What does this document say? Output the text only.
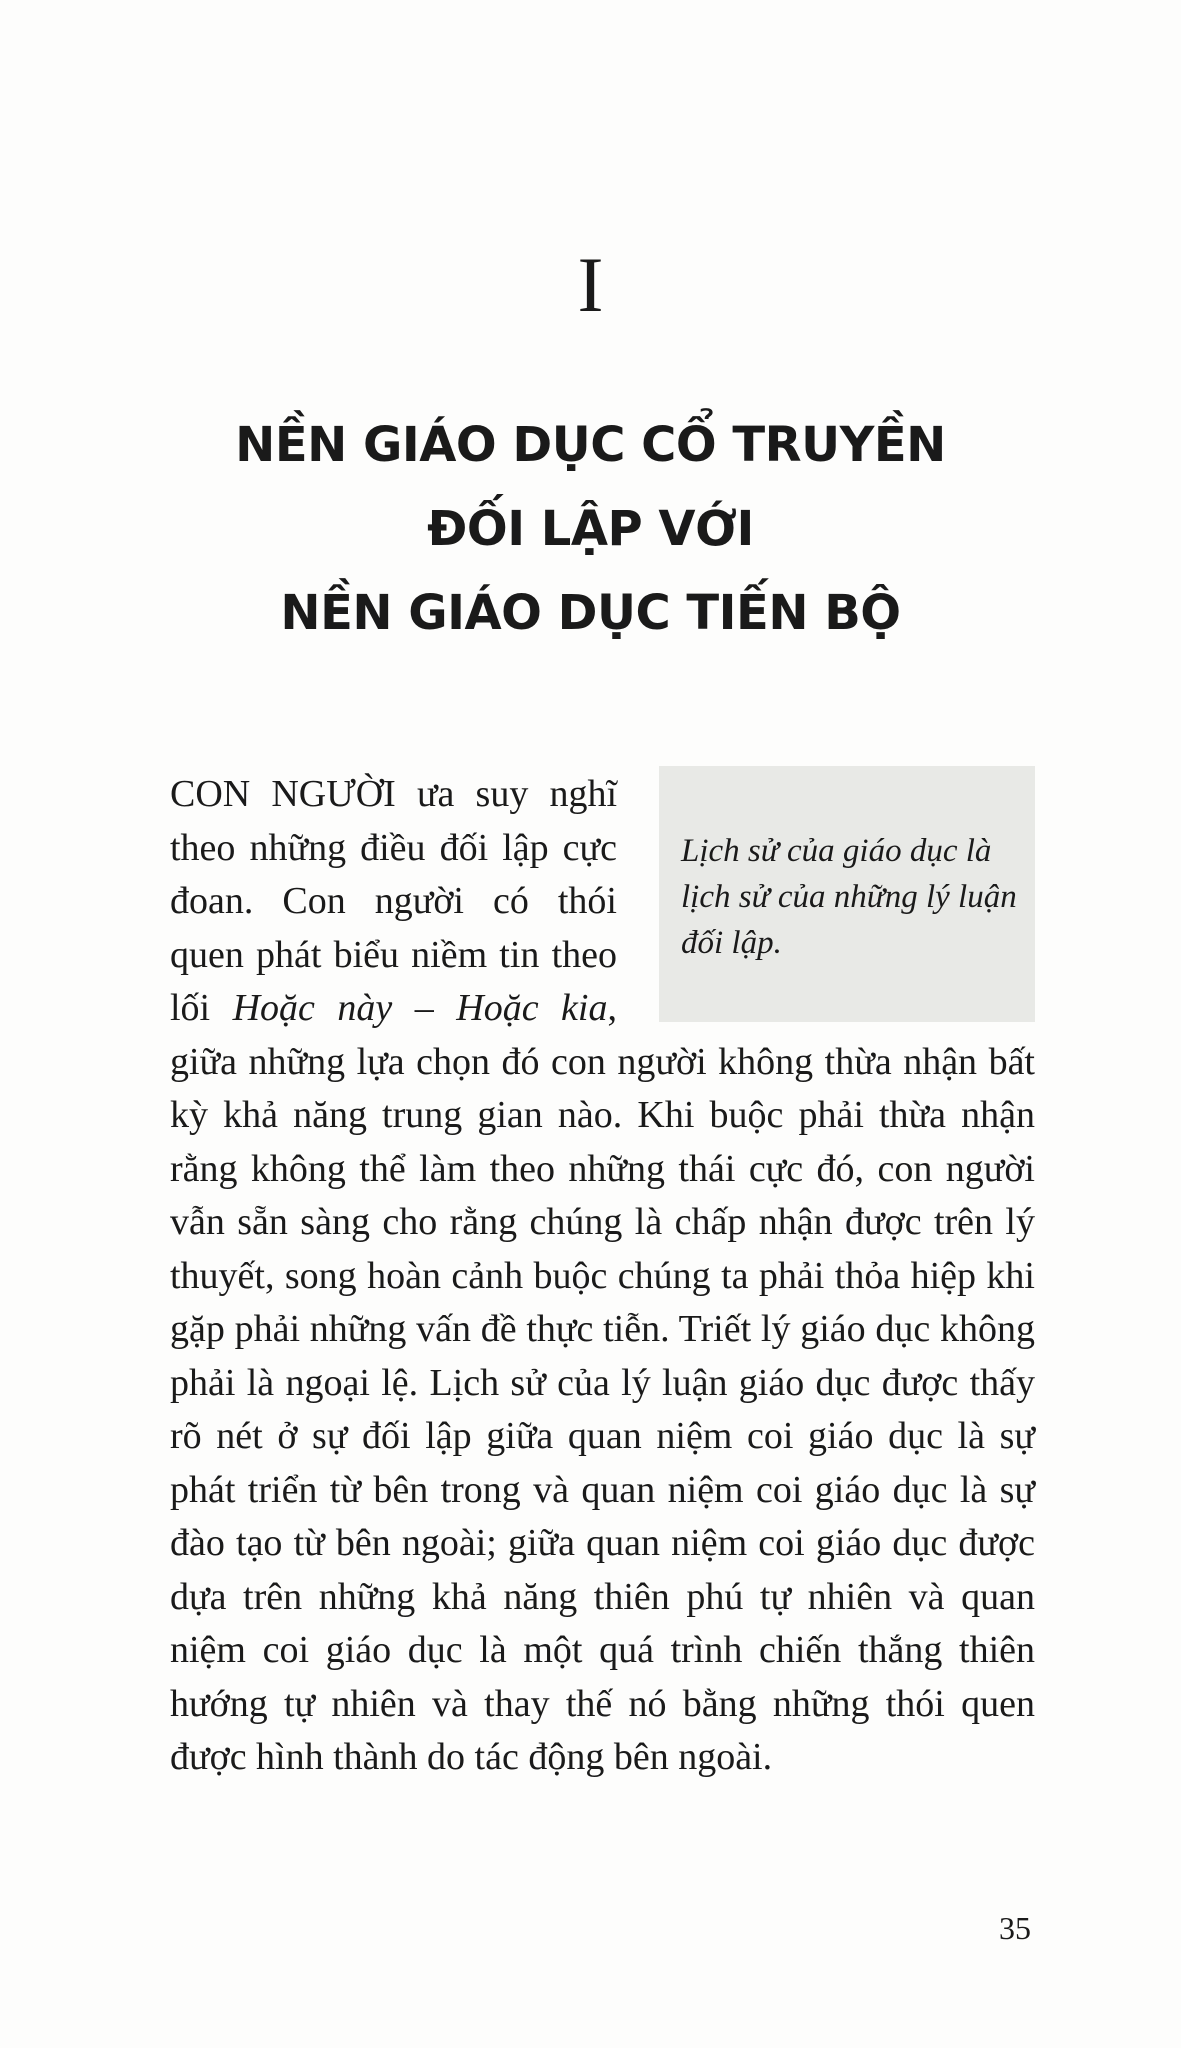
I
NỀN GIÁO DỤC CỔ TRUYỀN
ĐỐI LẬP VỚI
NỀN GIÁO DỤC TIẾN BỘ
Lịch sử của giáo dục là
lịch sử của những lý luận
đối lập.

CON NGƯỜI ưa suy nghĩ theo những điều đối lập cực đoan. Con người có thói quen phát biểu niềm tin theo lối Hoặc này – Hoặc kia, giữa những lựa chọn đó con người không thừa nhận bất kỳ khả năng trung gian nào. Khi buộc phải thừa nhận rằng không thể làm theo những thái cực đó, con người vẫn sẵn sàng cho rằng chúng là chấp nhận được trên lý thuyết, song hoàn cảnh buộc chúng ta phải thỏa hiệp khi gặp phải những vấn đề thực tiễn. Triết lý giáo dục không phải là ngoại lệ. Lịch sử của lý luận giáo dục được thấy rõ nét ở sự đối lập giữa quan niệm coi giáo dục là sự phát triển từ bên trong và quan niệm coi giáo dục là sự đào tạo từ bên ngoài; giữa quan niệm coi giáo dục được dựa trên những khả năng thiên phú tự nhiên và quan niệm coi giáo dục là một quá trình chiến thắng thiên hướng tự nhiên và thay thế nó bằng những thói quen được hình thành do tác động bên ngoài.

35
